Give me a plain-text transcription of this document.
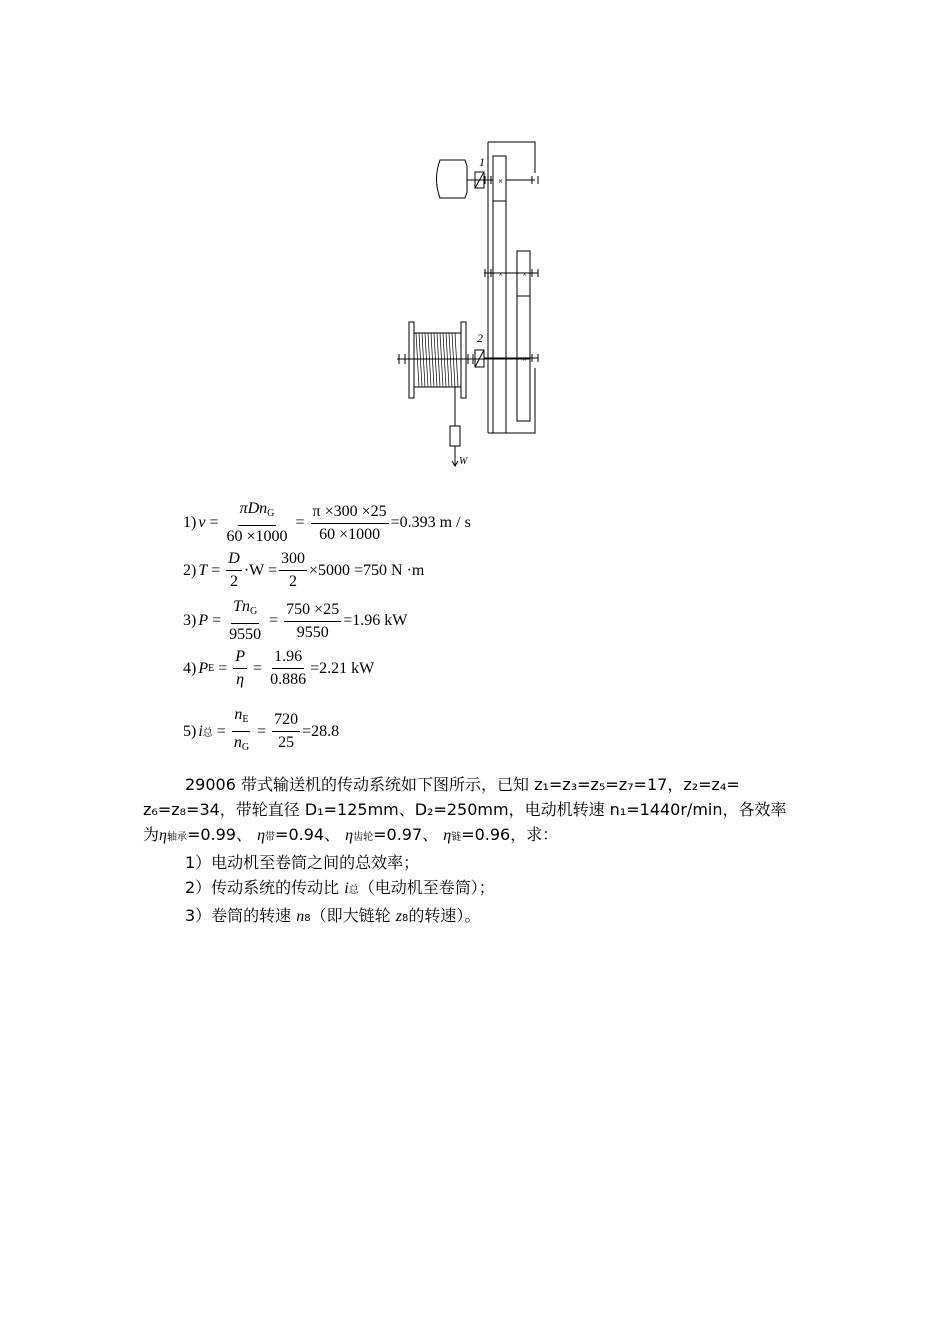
×
×	×
×
1
2
W
1) $v = \frac{\pi Dn_G}{60 \times 1000} = \frac{\pi \times 300 \times 25}{60 \times 1000} =0.393$ m / s
2) $T = \frac{D}{2} \cdot W = \frac{300}{2} \times 5000 =750$ N ·m
3) $P = \frac{Tn_G}{9550} = \frac{750 \times 25}{9550} =1.96$ kW
4) P $E = \frac{P}{\eta} = \frac{1.96}{0.886} =2.21$ kW
5) i 总 = $\frac{n_E}{n_G} = \frac{720}{25} =28.8$

29006 带式输送机的传动系统如下图所示，已知 z₁=z₃=z₅=z₇=17，z₂=z₄=

z₆=z₈=34，带轮直径 D₁=125mm、D₂=250mm，电动机转速 n₁=1440r/min，各效率

为η轴承=0.99、 η带=0.94、 η齿轮=0.97、 η链=0.96，求：

1）电动机至卷筒之间的总效率；

2）传动系统的传动比 i总（电动机至卷筒）；

3）卷筒的转速 n8（即大链轮 z8的转速）。
